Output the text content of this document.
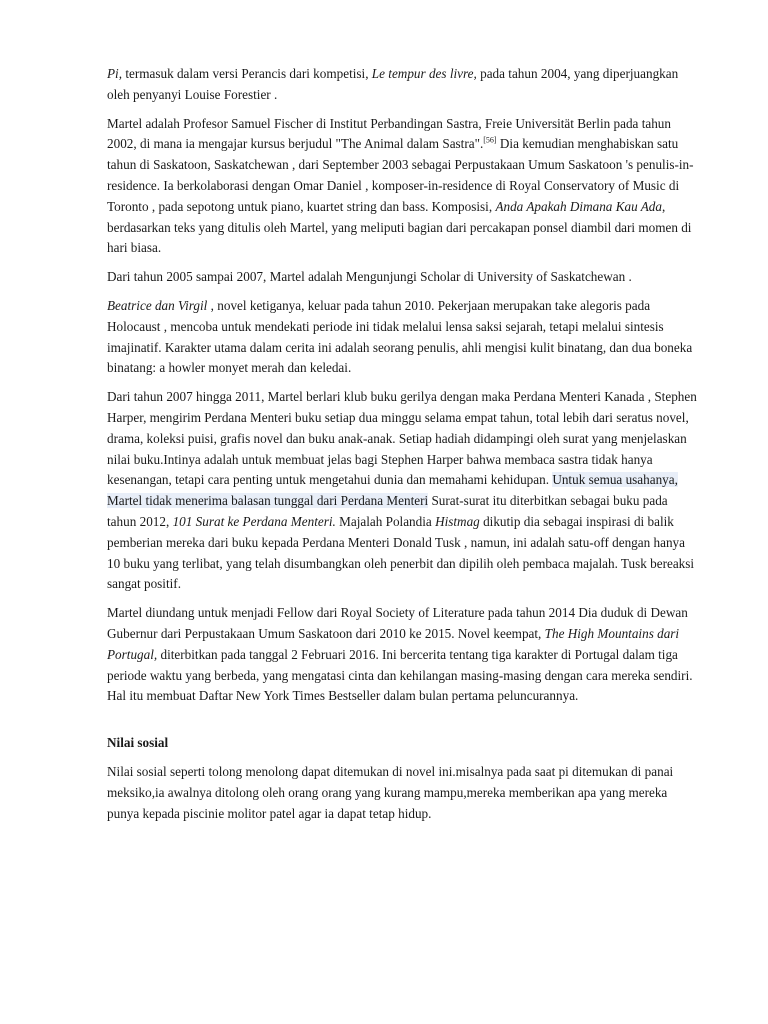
Pi, termasuk dalam versi Perancis dari kompetisi, Le tempur des livre, pada tahun 2004, yang diperjuangkan oleh penyanyi Louise Forestier .

Martel adalah Profesor Samuel Fischer di Institut Perbandingan Sastra, Freie Universität Berlin pada tahun 2002, di mana ia mengajar kursus berjudul "The Animal dalam Sastra".[56] Dia kemudian menghabiskan satu tahun di Saskatoon, Saskatchewan , dari September 2003 sebagai Perpustakaan Umum Saskatoon 's penulis-in-residence. Ia berkolaborasi dengan Omar Daniel , komposer-in-residence di Royal Conservatory of Music di Toronto , pada sepotong untuk piano, kuartet string dan bass. Komposisi, Anda Apakah Dimana Kau Ada, berdasarkan teks yang ditulis oleh Martel, yang meliputi bagian dari percakapan ponsel diambil dari momen di hari biasa.

Dari tahun 2005 sampai 2007, Martel adalah Mengunjungi Scholar di University of Saskatchewan .

Beatrice dan Virgil , novel ketiganya, keluar pada tahun 2010. Pekerjaan merupakan take alegoris pada Holocaust , mencoba untuk mendekati periode ini tidak melalui lensa saksi sejarah, tetapi melalui sintesis imajinatif. Karakter utama dalam cerita ini adalah seorang penulis, ahli mengisi kulit binatang, dan dua boneka binatang: a howler monyet merah dan keledai.

Dari tahun 2007 hingga 2011, Martel berlari klub buku gerilya dengan maka Perdana Menteri Kanada , Stephen Harper, mengirim Perdana Menteri buku setiap dua minggu selama empat tahun, total lebih dari seratus novel, drama, koleksi puisi, grafis novel dan buku anak-anak. Setiap hadiah didampingi oleh surat yang menjelaskan nilai buku.Intinya adalah untuk membuat jelas bagi Stephen Harper bahwa membaca sastra tidak hanya kesenangan, tetapi cara penting untuk mengetahui dunia dan memahami kehidupan. Untuk semua usahanya, Martel tidak menerima balasan tunggal dari Perdana Menteri Surat-surat itu diterbitkan sebagai buku pada tahun 2012, 101 Surat ke Perdana Menteri. Majalah Polandia Histmag dikutip dia sebagai inspirasi di balik pemberian mereka dari buku kepada Perdana Menteri Donald Tusk , namun, ini adalah satu-off dengan hanya 10 buku yang terlibat, yang telah disumbangkan oleh penerbit dan dipilih oleh pembaca majalah. Tusk bereaksi sangat positif.

Martel diundang untuk menjadi Fellow dari Royal Society of Literature pada tahun 2014 Dia duduk di Dewan Gubernur dari Perpustakaan Umum Saskatoon dari 2010 ke 2015. Novel keempat, The High Mountains dari Portugal, diterbitkan pada tanggal 2 Februari 2016. Ini bercerita tentang tiga karakter di Portugal dalam tiga periode waktu yang berbeda, yang mengatasi cinta dan kehilangan masing-masing dengan cara mereka sendiri. Hal itu membuat Daftar New York Times Bestseller dalam bulan pertama peluncurannya.

Nilai sosial

Nilai sosial seperti tolong menolong dapat ditemukan di novel ini.misalnya pada saat pi ditemukan di panai meksiko,ia awalnya ditolong oleh orang orang yang kurang mampu,mereka memberikan apa yang mereka punya kepada piscinie molitor patel agar ia dapat tetap hidup.
